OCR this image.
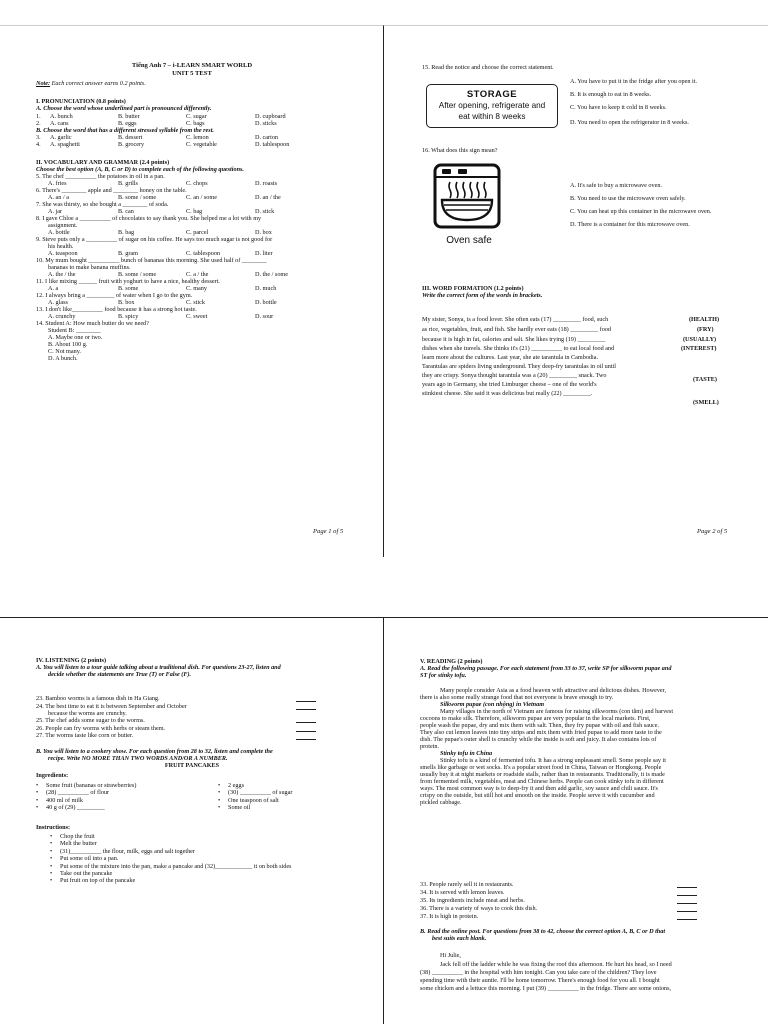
Tiếng Anh 7 – i-LEARN SMART WORLD
UNIT 5 TEST
Note: Each correct answer earns 0.2 points.
I. PRONUNCIATION (0.8 points)
A. Choose the word whose underlined part is pronounced differently.
1. A. bunch	B. butter	C. sugar	D. cupboard
2. A. cans	B. eggs	C. bags	D. sticks
B. Choose the word that has a different stressed syllable from the rest.
3. A. garlic	B. dessert	C. lemon	D. carton
4. A. spaghetti	B. grocery	C. vegetable	D. tablespoon
II. VOCABULARY AND GRAMMAR (2.4 points)
Choose the best option (A, B, C or D) to complete each of the following questions.
5. The chef __________ the potatoes in oil in a pan.
A. fries	B. grills	C. chops	D. roasts
6. There's ________ apple and ________ honey on the table.
A. an / a	B. some / some	C. an / some	D. an / the
7. She was thirsty, so she bought a ________ of soda.
A. jar	B. can	C. bag	D. stick
8. I gave Chloe a __________ of chocolates to say thank you. She helped me a lot with my
assignment.
A. bottle	B. bag	C. parcel	D. box
9. Steve puts only a __________ of sugar on his coffee. He says too much sugar is not good for
his health.
A. teaspoon	B. gram	C. tablespoon	D. liter
10. My mum bought __________ bunch of bananas this morning. She used half of ________
bananas to make banana muffins.
A. the / the	B. some / some	C. a / the	D. the / some
11. I like mixing ______ fruit with yoghurt to have a nice, healthy dessert.
A. a	B. some	C. many	D. much
12. I always bring a _________ of water when I go to the gym.
A. glass	B. box	C. stick	D. bottle
13. I don't like__________ food because it has a strong hot taste.
A. crunchy	B. spicy	C. sweet	D. sour
14. Student A: How much butter do we need?
Student B: ________
A. Maybe one or two.
B. About 100 g.
C. Not many.
D. A bunch.
Page 1 of 5
15. Read the notice and choose the correct statement.
STORAGE
After opening, refrigerate and
eat within 8 weeks
A. You have to put it in the fridge after you open it.
B. It is enough to eat in 8 weeks.
C. You have to keep it cold in 8 weeks.
D. You need to open the refrigerator in 8 weeks.
16. What does this sign mean?
Oven safe
A. It's safe to buy a microwave oven.
B. You need to use the microwave oven safely.
C. You can heat up this container in the microwave oven.
D. There is a container for this microwave oven.
III. WORD FORMATION (1.2 points)
Write the correct form of the words in brackets.
My sister, Sonya, is a food lover. She often eats (17) _________ food, such
as rice, vegetables, fruit, and fish. She hardly ever eats (18) _________ food
because it is high in fat, calories and salt. She likes trying (19) _________
dishes when she travels. She thinks it's (21) __________ to eat local food and
learn more about the cultures. Last year, she ate tarantula in Cambodia.
Tarantulas are spiders living underground. They deep-fry tarantulas in oil until
they are crispy. Sonya thought tarantula was a (20) _________ snack. Two
years ago in Germany, she tried Limburger cheese – one of the world's
stinkiest cheese. She said it was delicious but really (22) _________.
(HEALTH)
(FRY)
(USUALLY)
(INTEREST)
(TASTE)
(SMELL)
Page 2 of 5
IV. LISTENING (2 points)
A. You will listen to a tour guide talking about a traditional dish. For questions 23-27, listen and
decide whether the statements are True (T) or False (F).
23. Bamboo worms is a famous dish in Ha Giang.
24. The best time to eat it is between September and October
because the worms are crunchy.
25. The chef adds some sugar to the worms.
26. People can fry worms with herbs or steam them.
27. The worms taste like corn or butter.
B. You will listen to a cookery show. For each question from 28 to 32, listen and complete the
recipe. Write NO MORE THAN TWO WORDS AND/OR A NUMBER.
FRUIT PANCAKES
Ingredients:
• Some fruit (bananas or strawberries)
• (28) __________ of flour
• 400 ml of milk
• 40 g of (29) _________
• 2 eggs
• (30) __________ of sugar
• One teaspoon of salt
• Some oil
Instructions:
• Chop the fruit
• Melt the butter
• (31)__________ the flour, milk, eggs and salt together
• Put some oil into a pan.
• Put some of the mixture into the pan, make a pancake and (32)____________ it on both sides
• Take out the pancake
• Put fruit on top of the pancake
V. READING (2 points)
A. Read the following passage. For each statement from 33 to 37, write SP for silkworm pupae and
ST for stinky tofu.
Many people consider Asia as a food heaven with attractive and delicious dishes. However,
there is also some really strange food that not everyone is brave enough to try.
Silkworm pupae (con nhộng) in Vietnam
Many villages in the north of Vietnam are famous for raising silkworms (con tằm) and harvest
cocoons to make silk. Therefore, silkworm pupae are very popular in the local markets. First,
people wash the pupae, dry and mix them with salt. Then, they fry pupae with oil and fish sauce.
They also cut lemon leaves into tiny strips and mix them with fried pupae to add more taste to the
dish. The pupae's outer shell is crunchy while the inside is soft and juicy. It also contains lots of
protein.
Stinky tofu in China
Stinky tofu is a kind of fermented tofu. It has a strong unpleasant smell. Some people say it
smells like garbage or wet socks. It's a popular street food in China, Taiwan or Hongkong. People
usually buy it at night markets or roadside stalls, rather than in restaurants. Traditionally, it is made
from fermented milk, vegetables, meat and Chinese herbs. People can cook stinky tofu in different
ways. The most common way is to deep-fry it and then add garlic, soy sauce and chili sauce. It's
crispy on the outside, but still hot and smooth on the inside. People serve it with cucumber and
pickled cabbage.
33. People rarely sell it in restaurants.
34. It is served with lemon leaves.
35. Its ingredients include meat and herbs.
36. There is a variety of ways to cook this dish.
37. It is high in protein.
B. Read the online post. For questions from 38 to 42, choose the correct option A, B, C or D that
best suits each blank.
Hi Julie,
Jack fell off the ladder while he was fixing the roof this afternoon. He hurt his head, so I need
(38) __________ in the hospital with him tonight. Can you take care of the children? They love
spending time with their auntie. I'll be home tomorrow. There's enough food for you all. I bought
some chicken and a lettuce this morning. I put (39) __________ in the fridge. There are some onions,
